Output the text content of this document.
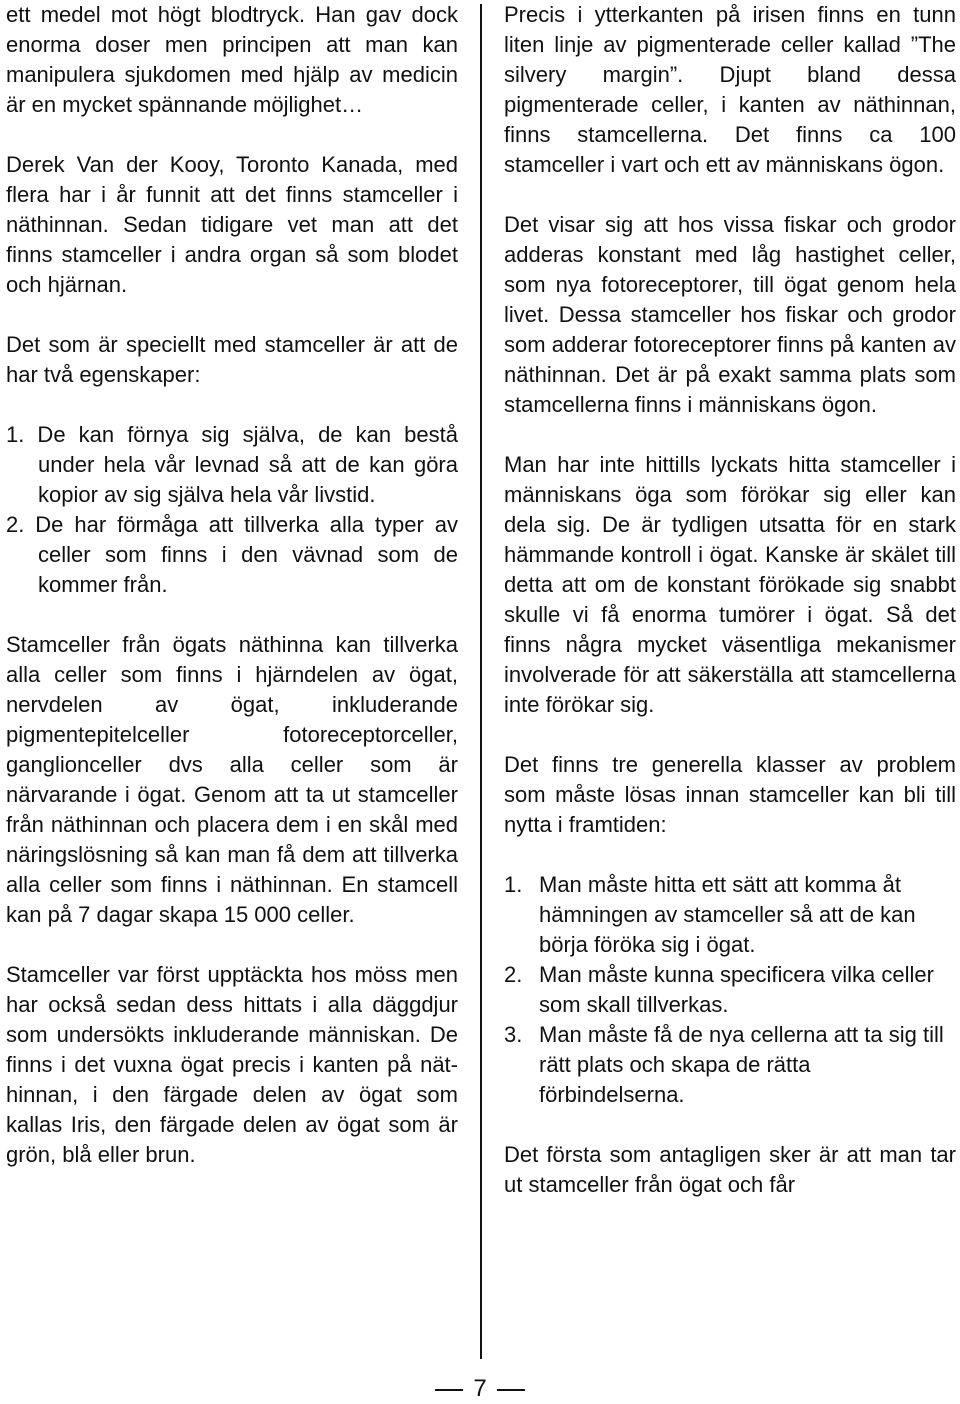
ett medel mot högt blodtryck. Han gav dock enorma doser men principen att man kan manipulera sjukdomen med hjälp av medicin är en mycket spännande möjlighet…

Derek Van der Kooy, Toronto Kanada, med flera har i år funnit att det finns stamceller i näthinnan. Sedan tidigare vet man att det finns stamceller i andra organ så som blodet och hjärnan.

Det som är speciellt med stamceller är att de har två egenskaper:

1. De kan förnya sig själva, de kan bestå under hela vår levnad så att de kan göra kopior av sig själva hela vår livstid.
2. De har förmåga att tillverka alla typer av celler som finns i den vävnad som de kommer från.

Stamceller från ögats näthinna kan tillverka alla celler som finns i hjärndelen av ögat, nervdelen av ögat, inkluderande pigmentepitelceller fotoreceptorceller, ganglionceller dvs alla celler som är närvarande i ögat. Genom att ta ut stamceller från näthinnan och placera dem i en skål med näringslösning så kan man få dem att tillverka alla celler som finns i näthinnan. En stamcell kan på 7 dagar skapa 15 000 celler.

Stamceller var först upptäckta hos möss men har också sedan dess hittats i alla däggdjur som undersökts inkluderande människan. De finns i det vuxna ögat precis i kanten på näthinnan, i den färgade delen av ögat som kallas Iris, den färgade delen av ögat som är grön, blå eller brun.

Precis i ytterkanten på irisen finns en tunn liten linje av pigmenterade celler kallad ”The silvery margin”. Djupt bland dessa pigmenterade celler, i kanten av näthinnan, finns stamcellerna. Det finns ca 100 stamceller i vart och ett av människans ögon.

Det visar sig att hos vissa fiskar och grodor adderas konstant med låg hastighet celler, som nya fotoreceptorer, till ögat genom hela livet. Dessa stamceller hos fiskar och grodor som adderar fotoreceptorer finns på kanten av näthinnan. Det är på exakt samma plats som stamcellerna finns i människans ögon.

Man har inte hittills lyckats hitta stamceller i människans öga som förökar sig eller kan dela sig. De är tydligen utsatta för en stark hämmande kontroll i ögat. Kanske är skälet till detta att om de konstant förökade sig snabbt skulle vi få enorma tumörer i ögat. Så det finns några mycket väsentliga mekanismer involverade för att säkerställa att stamcellerna inte förökar sig.

Det finns tre generella klasser av problem som måste lösas innan stamceller kan bli till nytta i framtiden:

1. Man måste hitta ett sätt att komma åt hämningen av stamceller så att de kan börja föröka sig i ögat.
2. Man måste kunna specificera vilka celler som skall tillverkas.
3. Man måste få de nya cellerna att ta sig till rätt plats och skapa de rätta förbindelserna.

Det första som antagligen sker är att man tar ut stamceller från ögat och får

7
